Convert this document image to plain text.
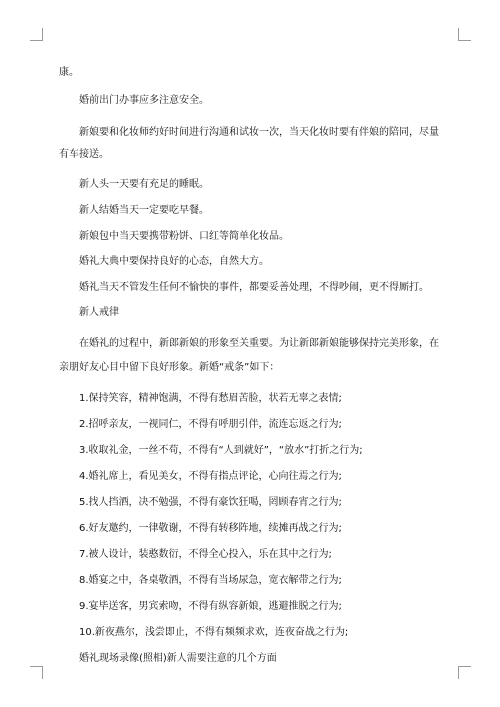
康。

婚前出门办事应多注意安全。

新娘要和化妆师约好时间进行沟通和试妆一次，当天化妆时要有伴娘的陪同，尽量有车接送。

新人头一天要有充足的睡眠。

新人结婚当天一定要吃早餐。

新娘包中当天要携带粉饼、口红等简单化妆品。

婚礼大典中要保持良好的心态，自然大方。

婚礼当天不管发生任何不愉快的事件，都要妥善处理，不得吵闹，更不得厮打。

新人戒律

在婚礼的过程中，新郎新娘的形象至关重要。为让新郎新娘能够保持完美形象，在亲朋好友心目中留下良好形象。新婚“戒条”如下：

1.保持笑容，精神饱满，不得有愁眉苦脸，状若无辜之表情;

2.招呼亲友，一视同仁，不得有呼朋引伴，流连忘返之行为;

3.收取礼金，一丝不苟，不得有“人到就好”，“放水”打折之行为;

4.婚礼席上，看见美女，不得有指点评论，心向往焉之行为;

5.找人挡酒，决不勉强，不得有豪饮狂喝，罔顾春宵之行为;

6.好友邀约，一律敬谢，不得有转移阵地，续摊再战之行为;

7.被人设计，装憨数衍，不得全心投入，乐在其中之行为;

8.婚宴之中，各桌敬酒，不得有当场尿急，宽衣解带之行为;

9.宴毕送客，男宾索吻，不得有纵容新娘，逃避推脱之行为;

10.新夜燕尔，浅尝即止，不得有频频求欢，连夜奋战之行为;

婚礼现场录像(照相)新人需要注意的几个方面
